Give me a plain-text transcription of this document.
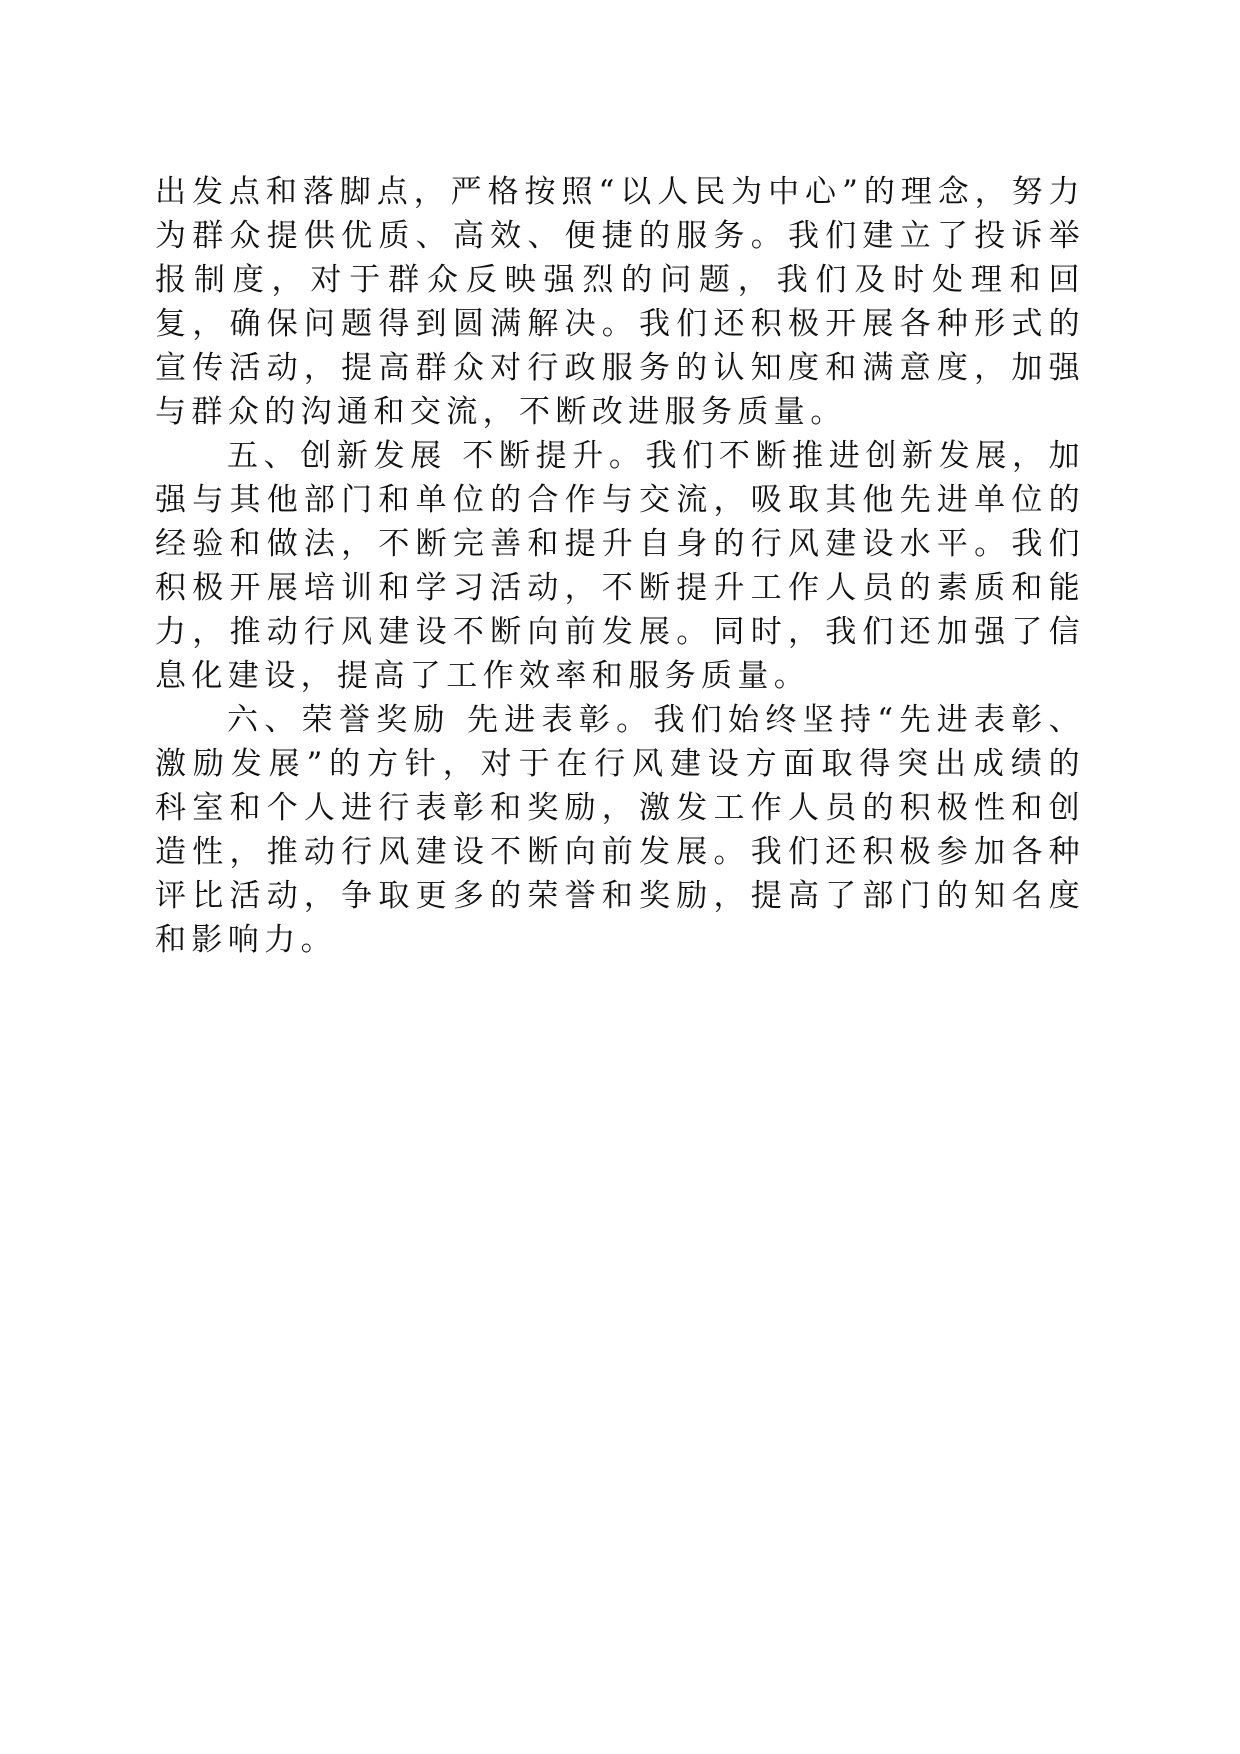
出发点和落脚点，严格按照“以人民为中心”的理念，努力为群众提供优质、高效、便捷的服务。我们建立了投诉举报制度，对于群众反映强烈的问题，我们及时处理和回复，确保问题得到圆满解决。我们还积极开展各种形式的宣传活动，提高群众对行政服务的认知度和满意度，加强与群众的沟通和交流，不断改进服务质量。

五、创新发展 不断提升。我们不断推进创新发展，加强与其他部门和单位的合作与交流，吸取其他先进单位的经验和做法，不断完善和提升自身的行风建设水平。我们积极开展培训和学习活动，不断提升工作人员的素质和能力，推动行风建设不断向前发展。同时，我们还加强了信息化建设，提高了工作效率和服务质量。

六、荣誉奖励 先进表彰。我们始终坚持“先进表彰、激励发展”的方针，对于在行风建设方面取得突出成绩的科室和个人进行表彰和奖励，激发工作人员的积极性和创造性，推动行风建设不断向前发展。我们还积极参加各种评比活动，争取更多的荣誉和奖励，提高了部门的知名度和影响力。
